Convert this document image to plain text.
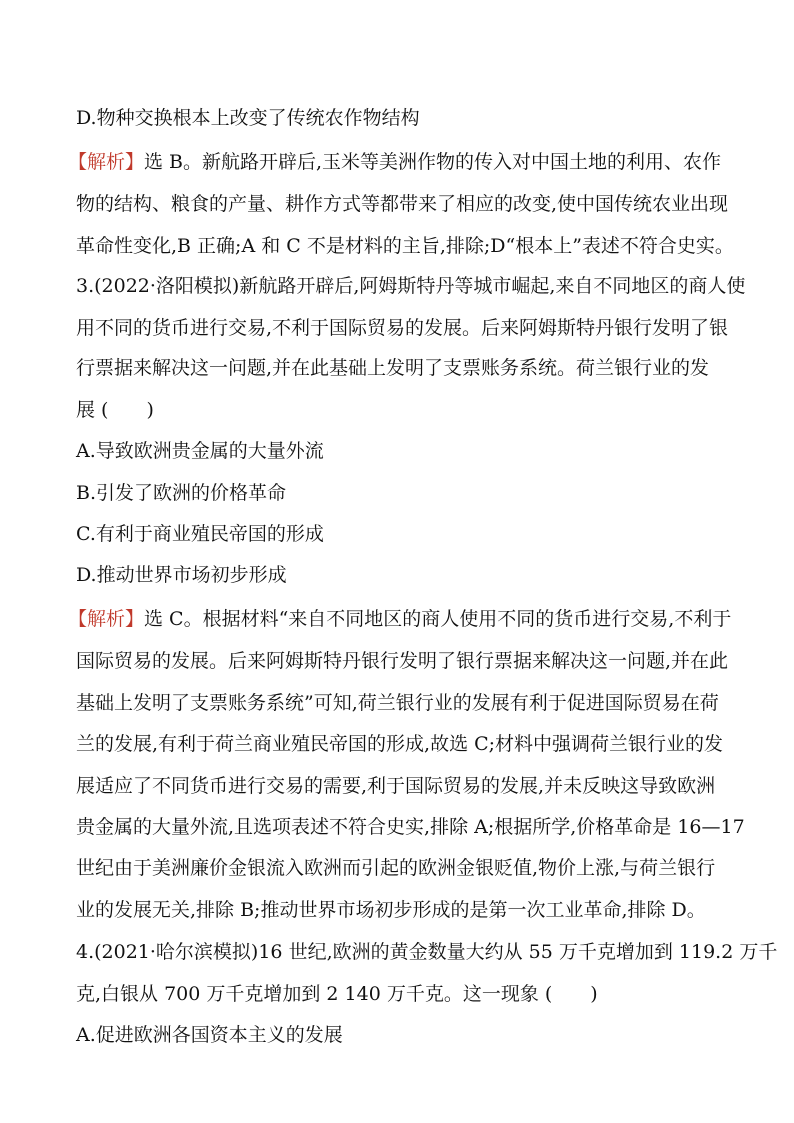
D.物种交换根本上改变了传统农作物结构
【解析】选 B。新航路开辟后,玉米等美洲作物的传入对中国土地的利用、农作
物的结构、粮食的产量、耕作方式等都带来了相应的改变,使中国传统农业出现
革命性变化,B 正确;A 和 C 不是材料的主旨,排除;D“根本上”表述不符合史实。
3.(2022·洛阳模拟)新航路开辟后,阿姆斯特丹等城市崛起,来自不同地区的商人使
用不同的货币进行交易,不利于国际贸易的发展。后来阿姆斯特丹银行发明了银
行票据来解决这一问题,并在此基础上发明了支票账务系统。荷兰银行业的发
展 (　　)
A.导致欧洲贵金属的大量外流
B.引发了欧洲的价格革命
C.有利于商业殖民帝国的形成
D.推动世界市场初步形成
【解析】选 C。根据材料“来自不同地区的商人使用不同的货币进行交易,不利于
国际贸易的发展。后来阿姆斯特丹银行发明了银行票据来解决这一问题,并在此
基础上发明了支票账务系统”可知,荷兰银行业的发展有利于促进国际贸易在荷
兰的发展,有利于荷兰商业殖民帝国的形成,故选 C;材料中强调荷兰银行业的发
展适应了不同货币进行交易的需要,利于国际贸易的发展,并未反映这导致欧洲
贵金属的大量外流,且选项表述不符合史实,排除 A;根据所学,价格革命是 16—17
世纪由于美洲廉价金银流入欧洲而引起的欧洲金银贬值,物价上涨,与荷兰银行
业的发展无关,排除 B;推动世界市场初步形成的是第一次工业革命,排除 D。
4.(2021·哈尔滨模拟)16 世纪,欧洲的黄金数量大约从 55 万千克增加到 119.2 万千
克,白银从 700 万千克增加到 2 140 万千克。这一现象 (　　)
A.促进欧洲各国资本主义的发展
